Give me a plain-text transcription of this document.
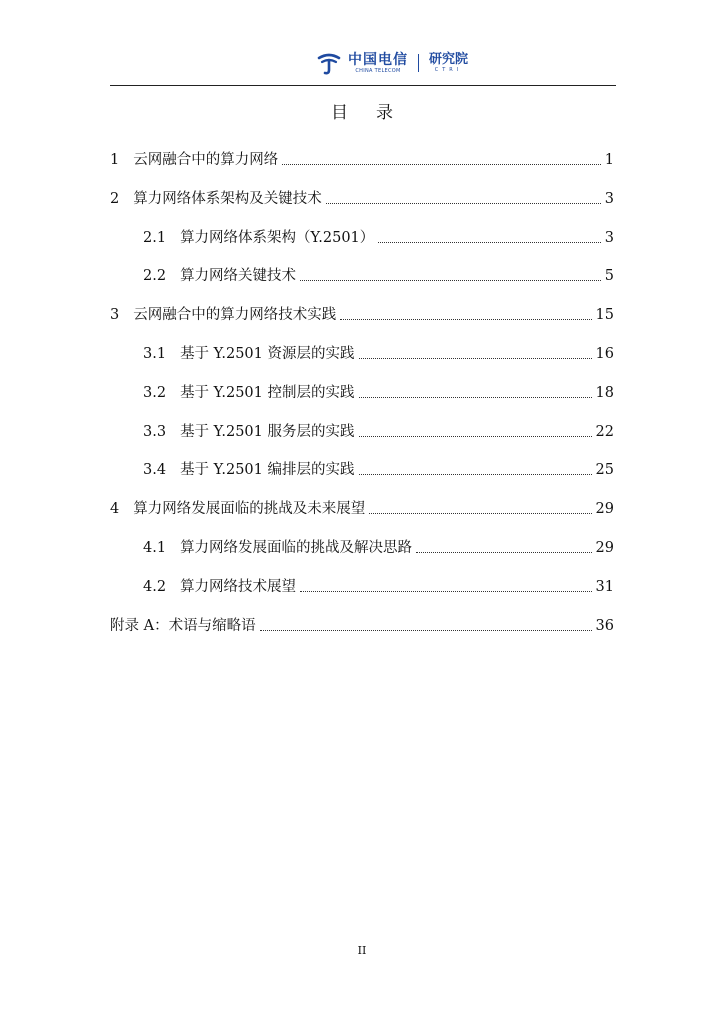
中国电信
CHINA TELECOM
研究院
CTRI
目 录
1 云网融合中的算力网络	1
2 算力网络体系架构及关键技术	3
2.1 算力网络体系架构（Y.2501）	3
2.2 算力网络关键技术	5
3 云网融合中的算力网络技术实践	15
3.1 基于 Y.2501 资源层的实践	16
3.2 基于 Y.2501 控制层的实践	18
3.3 基于 Y.2501 服务层的实践	22
3.4 基于 Y.2501 编排层的实践	25
4 算力网络发展面临的挑战及未来展望	29
4.1 算力网络发展面临的挑战及解决思路	29
4.2 算力网络技术展望	31
附录 A：术语与缩略语	36
II
